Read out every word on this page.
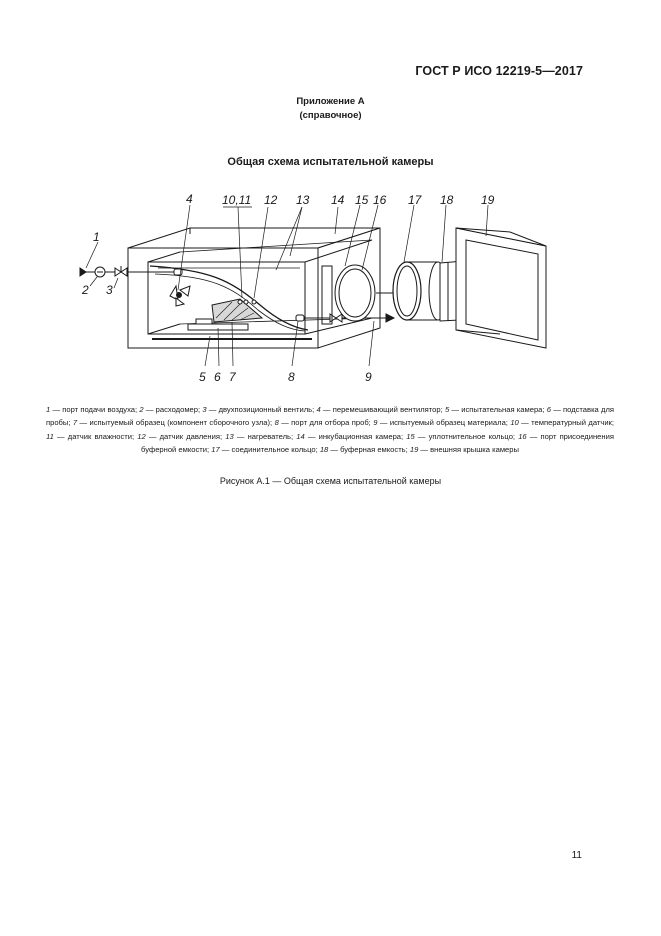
ГОСТ Р ИСО 12219-5—2017
Приложение А
(справочное)
Общая схема испытательной камеры
1
2 3
4 10,11 12 13 14 15 16 17 18 19
5 6 7	8	9
1 — порт подачи воздуха; 2 — расходомер; 3 — двухпозиционный вентиль; 4 — перемешивающий вентилятор; 5 — испытательная камера; 6 — подставка для пробы; 7 — испытуемый образец (компонент сборочного узла); 8 — порт для отбора проб; 9 — испытуемый образец материала; 10 — температурный датчик; 11 — датчик влажности; 12 — датчик давления; 13 — нагреватель; 14 — инкубационная камера; 15 — уплотнительное кольцо; 16 — порт присоединения буферной емкости; 17 — соединительное кольцо; 18 — буферная емкость; 19 — внешняя крышка камеры
Рисунок А.1 — Общая схема испытательной камеры
11
